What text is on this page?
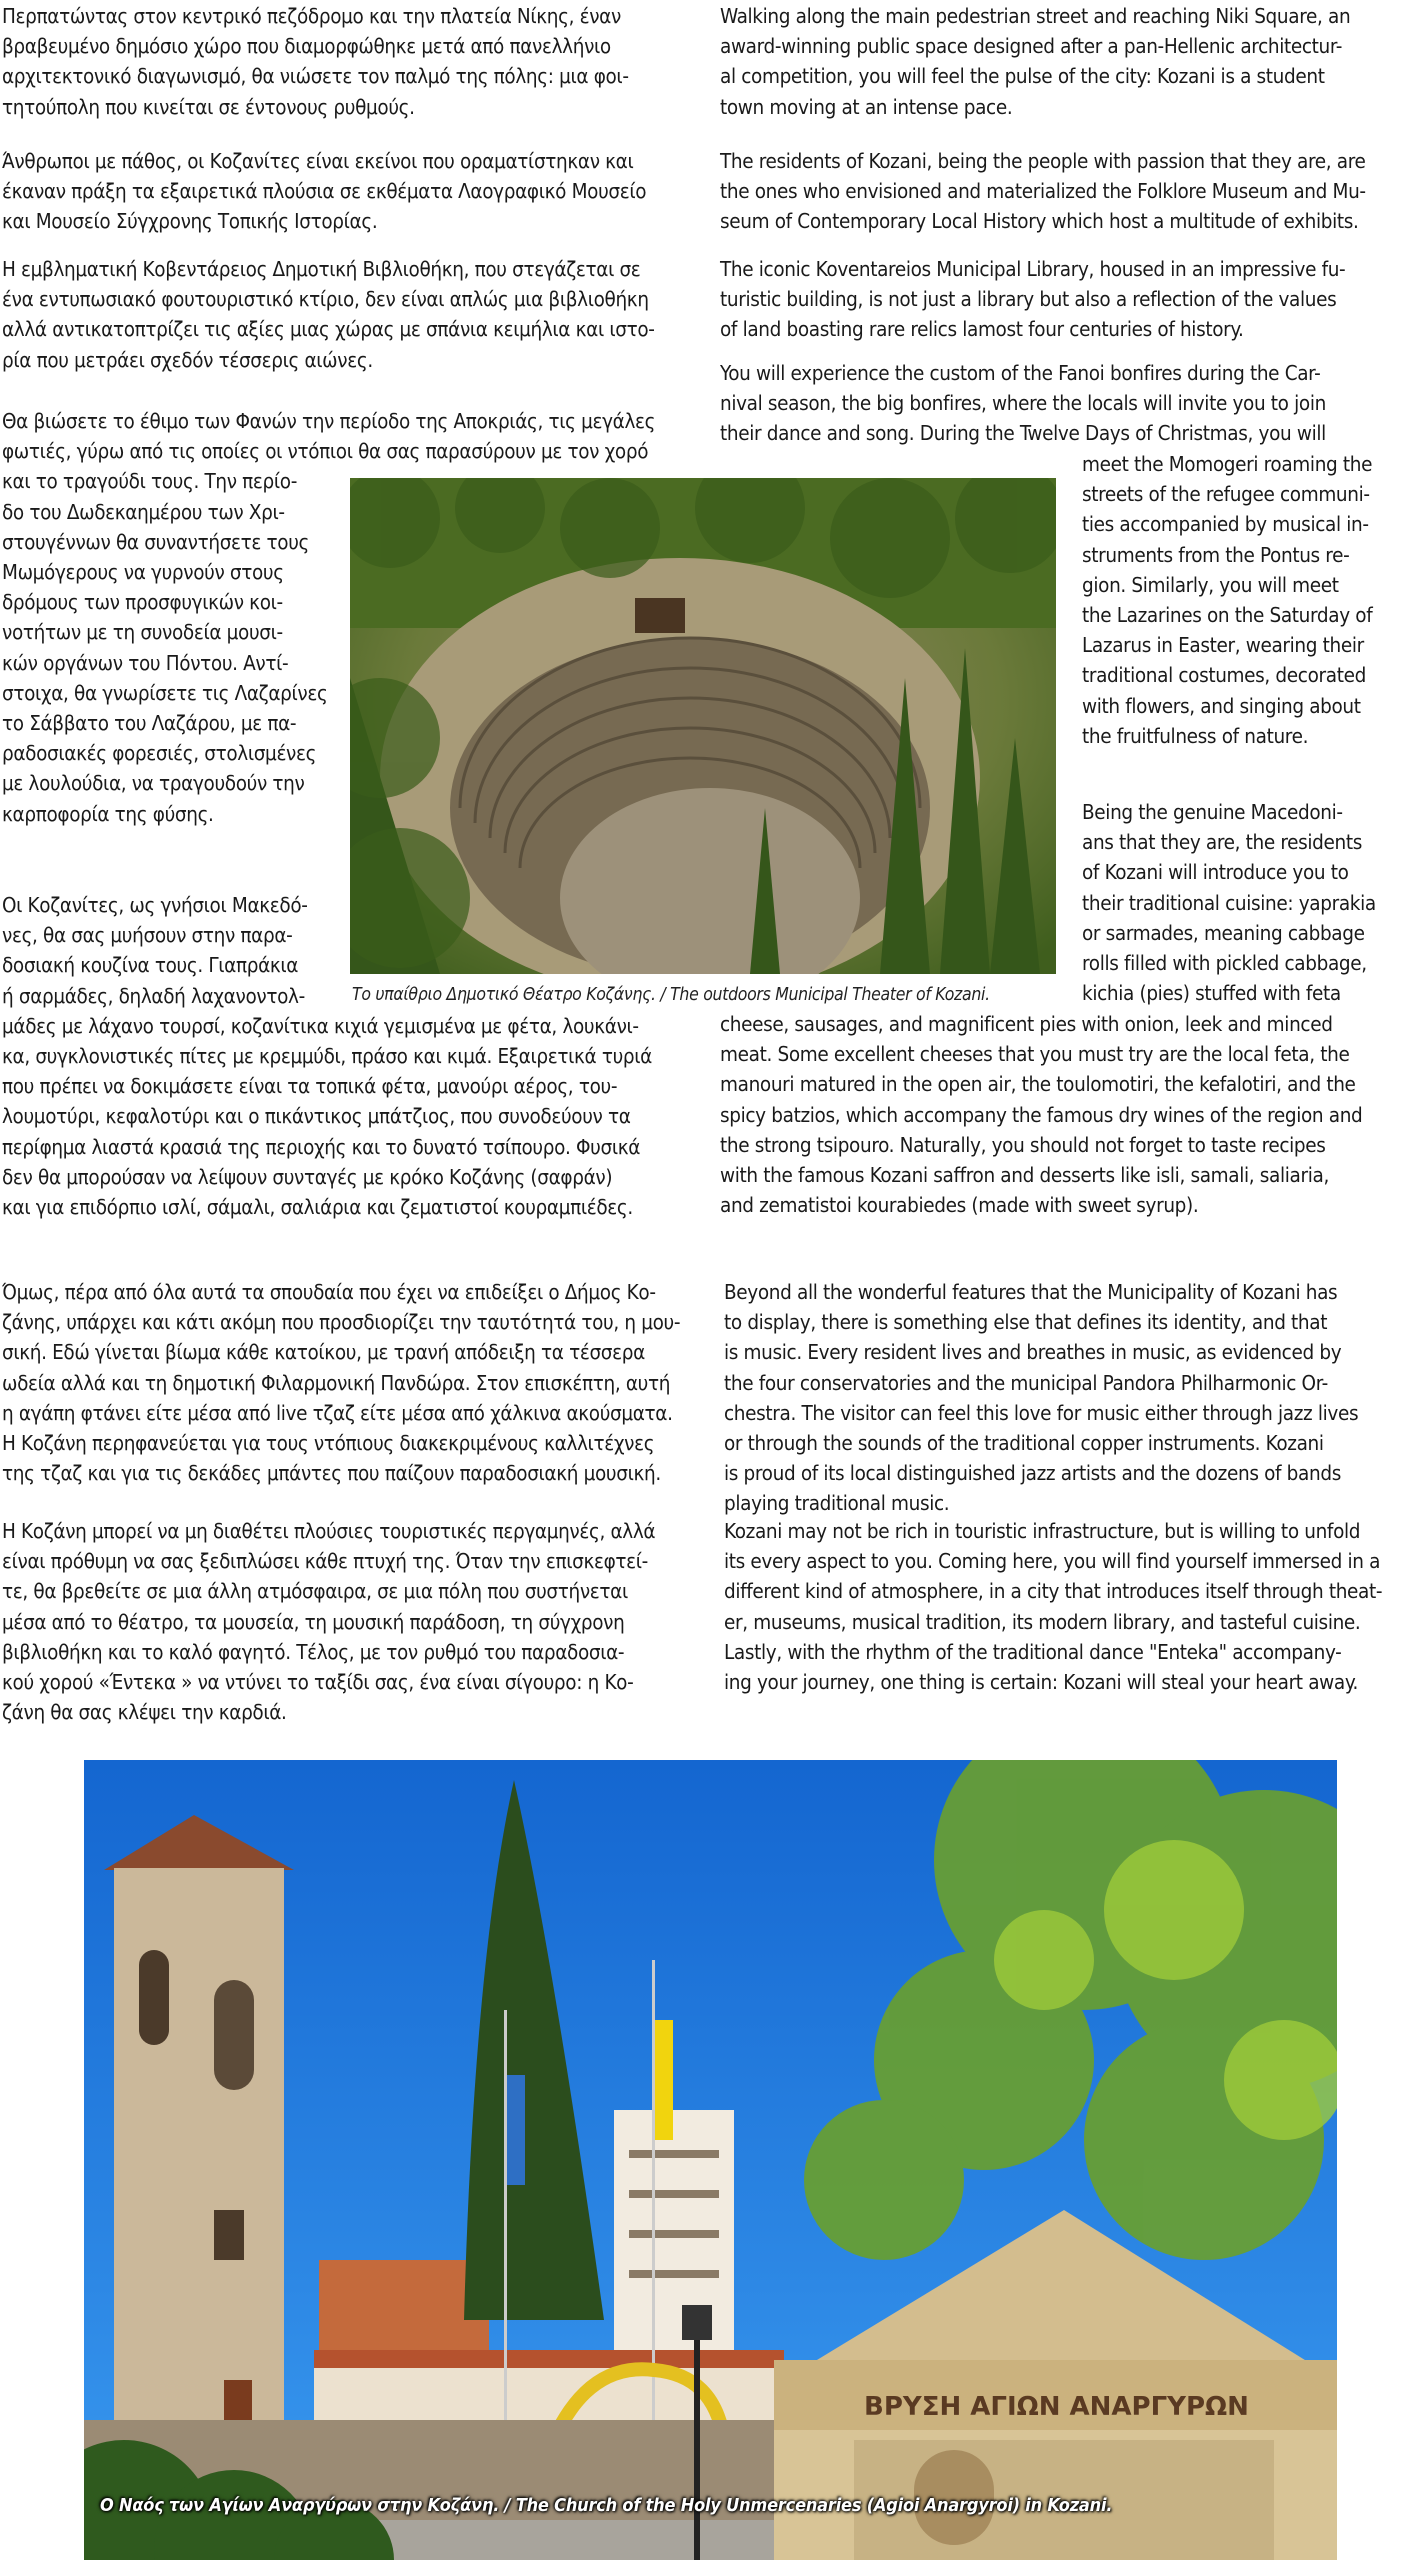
Περπατώντας στον κεντρικό πεζόδρομο και την πλατεία Νίκης, έναν
βραβευμένο δημόσιο χώρο που διαμορφώθηκε μετά από πανελλήνιο
αρχιτεκτονικό διαγωνισμό, θα νιώσετε τον παλμό της πόλης: μια φοι-
τητούπολη που κινείται σε έντονους ρυθμούς.
Άνθρωποι με πάθος, οι Κοζανίτες είναι εκείνοι που οραματίστηκαν και
έκαναν πράξη τα εξαιρετικά πλούσια σε εκθέματα Λαογραφικό Μουσείο
και Μουσείο Σύγχρονης Τοπικής Ιστορίας.
Η εμβληματική Κοβεντάρειος Δημοτική Βιβλιοθήκη, που στεγάζεται σε
ένα εντυπωσιακό φουτουριστικό κτίριο, δεν είναι απλώς μια βιβλιοθήκη
αλλά αντικατοπτρίζει τις αξίες μιας χώρας με σπάνια κειμήλια και ιστο-
ρία που μετράει σχεδόν τέσσερις αιώνες.
Θα βιώσετε το έθιμο των Φανών την περίοδο της Αποκριάς, τις μεγάλες
φωτιές, γύρω από τις οποίες οι ντόπιοι θα σας παρασύρουν με τον χορό
και το τραγούδι τους. Την περίο-
δο του Δωδεκαημέρου των Χρι-
στουγέννων θα συναντήσετε τους
Μωμόγερους να γυρνούν στους
δρόμους των προσφυγικών κοι-
νοτήτων με τη συνοδεία μουσι-
κών οργάνων του Πόντου. Αντί-
στοιχα, θα γνωρίσετε τις Λαζαρίνες
το Σάββατο του Λαζάρου, με πα-
ραδοσιακές φορεσιές, στολισμένες
με λουλούδια, να τραγουδούν την
καρποφορία της φύσης.
Οι Κοζανίτες, ως γνήσιοι Μακεδό-
νες, θα σας μυήσουν στην παρα-
δοσιακή κουζίνα τους. Γιαπράκια
ή σαρμάδες, δηλαδή λαχανοντολ-
μάδες με λάχανο τουρσί, κοζανίτικα κιχιά γεμισμένα με φέτα, λουκάνι-
κα, συγκλονιστικές πίτες με κρεμμύδι, πράσο και κιμά. Εξαιρετικά τυριά
που πρέπει να δοκιμάσετε είναι τα τοπικά φέτα, μανούρι αέρος, του-
λουμοτύρι, κεφαλοτύρι και ο πικάντικος μπάτζιος, που συνοδεύουν τα
περίφημα λιαστά κρασιά της περιοχής και το δυνατό τσίπουρο. Φυσικά
δεν θα μπορούσαν να λείψουν συνταγές με κρόκο Κοζάνης (σαφράν)
και για επιδόρπιο ισλί, σάμαλι, σαλιάρια και ζεματιστοί κουραμπιέδες.
Όμως, πέρα από όλα αυτά τα σπουδαία που έχει να επιδείξει ο Δήμος Κο-
ζάνης, υπάρχει και κάτι ακόμη που προσδιορίζει την ταυτότητά του, η μου-
σική. Εδώ γίνεται βίωμα κάθε κατοίκου, με τρανή απόδειξη τα τέσσερα
ωδεία αλλά και τη δημοτική Φιλαρμονική Πανδώρα. Στον επισκέπτη, αυτή
η αγάπη φτάνει είτε μέσα από live τζαζ είτε μέσα από χάλκινα ακούσματα.
Η Κοζάνη περηφανεύεται για τους ντόπιους διακεκριμένους καλλιτέχνες
της τζαζ και για τις δεκάδες μπάντες που παίζουν παραδοσιακή μουσική.
Η Κοζάνη μπορεί να μη διαθέτει πλούσιες τουριστικές περγαμηνές, αλλά
είναι πρόθυμη να σας ξεδιπλώσει κάθε πτυχή της. Όταν την επισκεφτεί-
τε, θα βρεθείτε σε μια άλλη ατμόσφαιρα, σε μια πόλη που συστήνεται
μέσα από το θέατρο, τα μουσεία, τη μουσική παράδοση, τη σύγχρονη
βιβλιοθήκη και το καλό φαγητό. Τέλος, με τον ρυθμό του παραδοσια-
κού χορού «Έντεκα » να ντύνει το ταξίδι σας, ένα είναι σίγουρο: η Κο-
ζάνη θα σας κλέψει την καρδιά.
Walking along the main pedestrian street and reaching Niki Square, an
award-winning public space designed after a pan-Hellenic architectur-
al competition, you will feel the pulse of the city: Kozani is a student
town moving at an intense pace.
The residents of Kozani, being the people with passion that they are, are
the ones who envisioned and materialized the Folklore Museum and Mu-
seum of Contemporary Local History which host a multitude of exhibits.
The iconic Koventareios Municipal Library, housed in an impressive fu-
turistic building, is not just a library but also a reflection of the values
of land boasting rare relics lamost four centuries of history.
You will experience the custom of the Fanoi bonfires during the Car-
nival season, the big bonfires, where the locals will invite you to join
their dance and song. During the Twelve Days of Christmas, you will
meet the Momogeri roaming the
streets of the refugee communi-
ties accompanied by musical in-
struments from the Pontus re-
gion. Similarly, you will meet
the Lazarines on the Saturday of
Lazarus in Easter, wearing their
traditional costumes, decorated
with flowers, and singing about
the fruitfulness of nature.
Being the genuine Macedoni-
ans that they are, the residents
of Kozani will introduce you to
their traditional cuisine: yaprakia
or sarmades, meaning cabbage
rolls filled with pickled cabbage,
kichia (pies) stuffed with feta
cheese, sausages, and magnificent pies with onion, leek and minced
meat. Some excellent cheeses that you must try are the local feta, the
manouri matured in the open air, the toulomotiri, the kefalotiri, and the
spicy batzios, which accompany the famous dry wines of the region and
the strong tsipouro. Naturally, you should not forget to taste recipes
with the famous Kozani saffron and desserts like isli, samali, saliaria,
and zematistoi kourabiedes (made with sweet syrup).
Beyond all the wonderful features that the Municipality of Kozani has
to display, there is something else that defines its identity, and that
is music. Every resident lives and breathes in music, as evidenced by
the four conservatories and the municipal Pandora Philharmonic Or-
chestra. The visitor can feel this love for music either through jazz lives
or through the sounds of the traditional copper instruments. Kozani
is proud of its local distinguished jazz artists and the dozens of bands
playing traditional music.
Kozani may not be rich in touristic infrastructure, but is willing to unfold
its every aspect to you. Coming here, you will find yourself immersed in a
different kind of atmosphere, in a city that introduces itself through theat-
er, museums, musical tradition, its modern library, and tasteful cuisine.
Lastly, with the rhythm of the traditional dance "Enteka" accompany-
ing your journey, one thing is certain: Kozani will steal your heart away.
Το υπαίθριο Δημοτικό Θέατρο Κοζάνης. / The outdoors Municipal Theater of Kozani.
ΒΡΥΣΗ ΑΓΙΩΝ ΑΝΑΡΓΥΡΩΝ
Ο Ναός των Αγίων Αναργύρων στην Κοζάνη. / The Church of the Holy Unmercenaries (Agioi Anargyroi) in Kozani.
